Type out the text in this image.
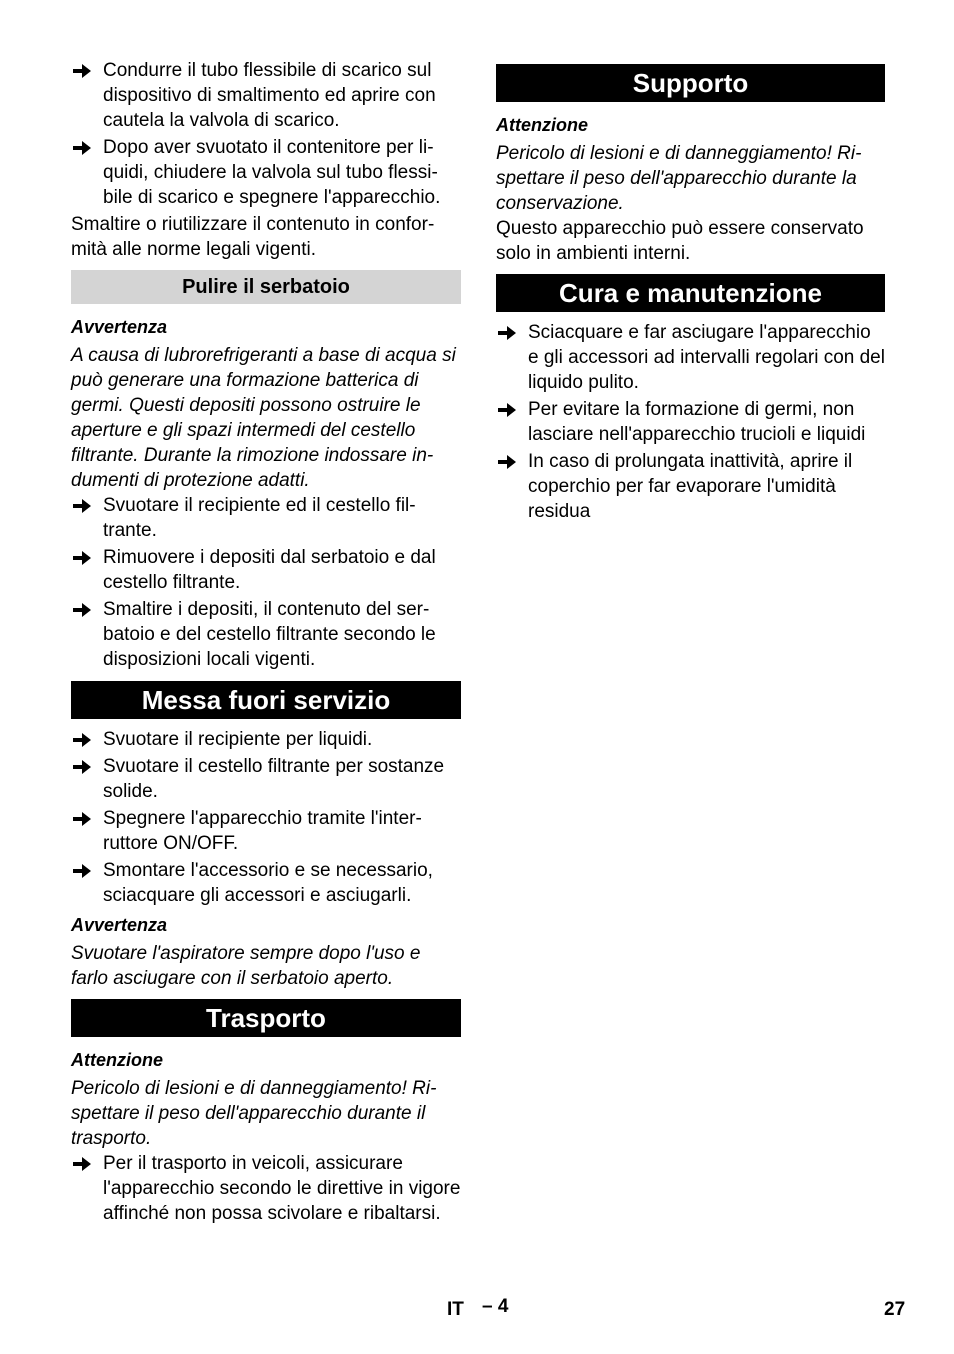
Condurre il tubo flessibile di scarico sul dispositivo di smaltimento ed aprire con cautela la valvola di scarico.

Dopo aver svuotato il contenitore per liquidi, chiudere la valvola sul tubo flessibile di scarico e spegnere l'apparecchio.

Smaltire o riutilizzare il contenuto in conformità alle norme legali vigenti.

Pulire il serbatoio
Avvertenza

A causa di lubrorefrigeranti a base di acqua si può generare una formazione batterica di germi. Questi depositi possono ostruire le aperture e gli spazi intermedi del cestello filtrante. Durante la rimozione indossare indumenti di protezione adatti.

Svuotare il recipiente ed il cestello filtrante.

Rimuovere i depositi dal serbatoio e dal cestello filtrante.

Smaltire i depositi, il contenuto del serbatoio e del cestello filtrante secondo le disposizioni locali vigenti.

Messa fuori servizio

Svuotare il recipiente per liquidi.

Svuotare il cestello filtrante per sostanze solide.

Spegnere l'apparecchio tramite l'interruttore ON/OFF.

Smontare l'accessorio e se necessario, sciacquare gli accessori e asciugarli.

Avvertenza

Svuotare l'aspiratore sempre dopo l'uso e farlo asciugare con il serbatoio aperto.

Trasporto
Attenzione

Pericolo di lesioni e di danneggiamento! Rispettare il peso dell'apparecchio durante il trasporto.

Per il trasporto in veicoli, assicurare l'apparecchio secondo le direttive in vigore affinché non possa scivolare e ribaltarsi.

Supporto
Attenzione

Pericolo di lesioni e di danneggiamento! Rispettare il peso dell'apparecchio durante la conservazione.

Questo apparecchio può essere conservato solo in ambienti interni.

Cura e manutenzione

Sciacquare e far asciugare l'apparecchio e gli accessori ad intervalli regolari con del liquido pulito.

Per evitare la formazione di germi, non lasciare nell'apparecchio trucioli e liquidi

In caso di prolungata inattività, aprire il coperchio per far evaporare l'umidità residua

IT – 4	27
